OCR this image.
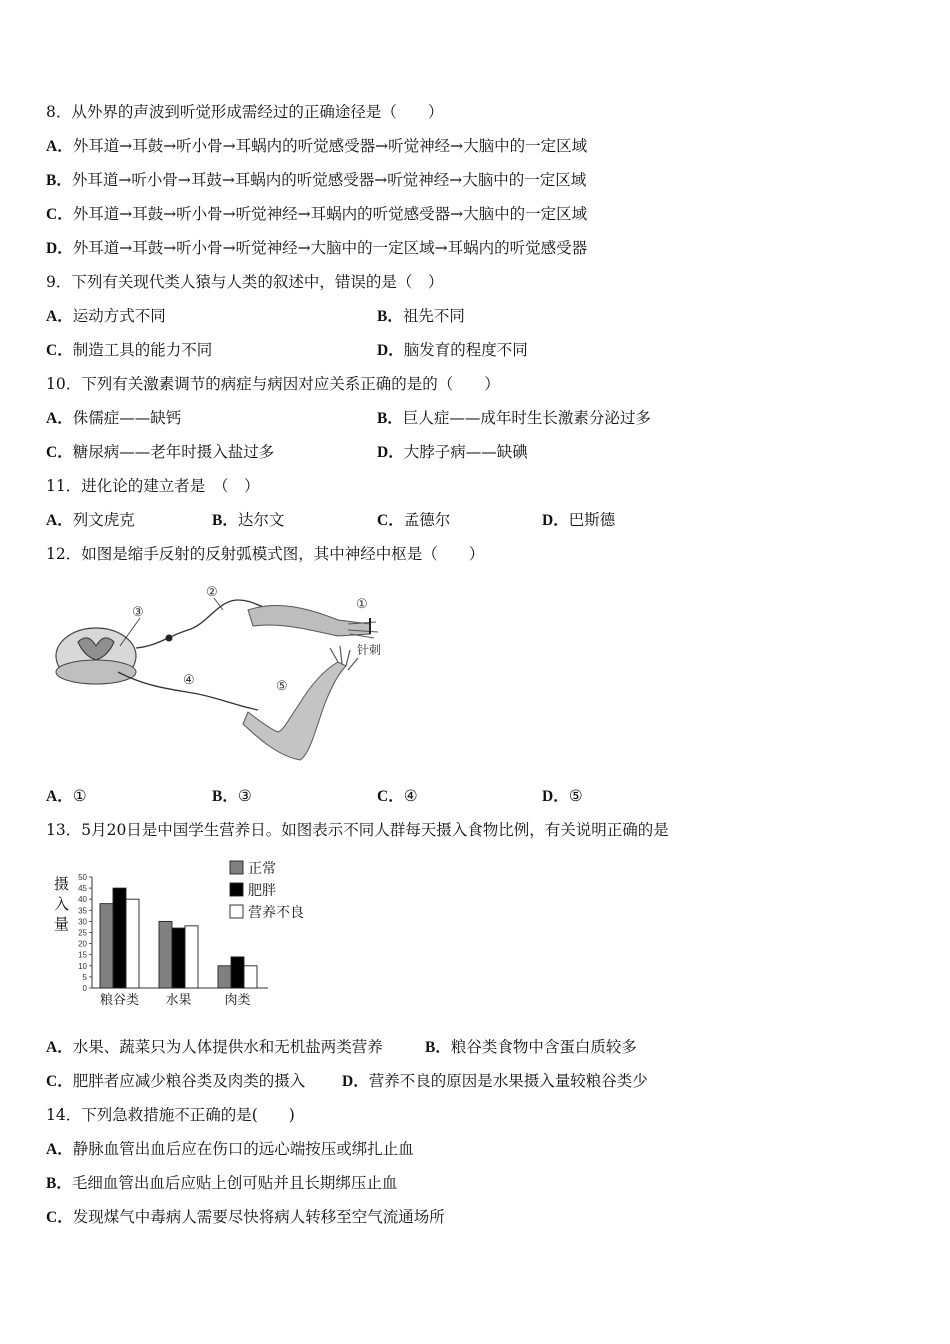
8．从外界的声波到听觉形成需经过的正确途径是（　　）
A．外耳道→耳鼓→听小骨→耳蜗内的听觉感受器→听觉神经→大脑中的一定区域
B．外耳道→听小骨→耳鼓→耳蜗内的听觉感受器→听觉神经→大脑中的一定区域
C．外耳道→耳鼓→听小骨→听觉神经→耳蜗内的听觉感受器→大脑中的一定区域
D．外耳道→耳鼓→听小骨→听觉神经→大脑中的一定区域→耳蜗内的听觉感受器
9．下列有关现代类人猿与人类的叙述中，错误的是（　）
A．运动方式不同	B．祖先不同
C．制造工具的能力不同	D．脑发育的程度不同
10．下列有关激素调节的病症与病因对应关系正确的是的（　　）
A．侏儒症——缺钙	B．巨人症——成年时生长激素分泌过多
C．糖尿病——老年时摄入盐过多	D．大脖子病——缺碘
11．进化论的建立者是　（　）
A．列文虎克	B．达尔文	C．孟德尔	D．巴斯德
12．如图是缩手反射的反射弧模式图，其中神经中枢是（　　）
③
②
①
针刺
④	⑤
A．①	B．③	C．④	D．⑤
13．5月20日是中国学生营养日。如图表示不同人群每天摄入食物比例，有关说明正确的是
摄
入
量
0
5
10
15
20
25
30
35
40
45
50
粮谷类 水果	肉类
正常
肥胖
营养不良
A．水果、蔬菜只为人体提供水和无机盐两类营养	B．粮谷类食物中含蛋白质较多
C．肥胖者应减少粮谷类及肉类的摄入 D．营养不良的原因是水果摄入量较粮谷类少
14．下列急救措施不正确的是(　　)
A．静脉血管出血后应在伤口的远心端按压或绑扎止血
B．毛细血管出血后应贴上创可贴并且长期绑压止血
C．发现煤气中毒病人需要尽快将病人转移至空气流通场所
